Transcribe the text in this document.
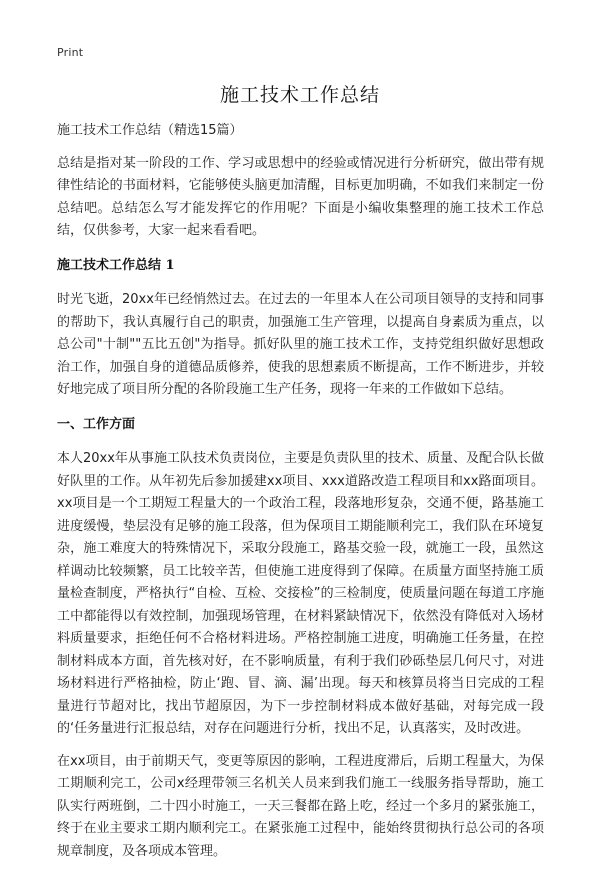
Print
施工技术工作总结

施工技术工作总结（精选15篇）

总结是指对某一阶段的工作、学习或思想中的经验或情况进行分析研究，做出带有规律性结论的书面材料，它能够使头脑更加清醒，目标更加明确，不如我们来制定一份总结吧。总结怎么写才能发挥它的作用呢？下面是小编收集整理的施工技术工作总结，仅供参考，大家一起来看看吧。

施工技术工作总结 1

时光飞逝，20xx年已经悄然过去。在过去的一年里本人在公司项目领导的支持和同事的帮助下，我认真履行自己的职责，加强施工生产管理，以提高自身素质为重点，以总公司"十制""五比五创"为指导。抓好队里的施工技术工作，支持党组织做好思想政治工作，加强自身的道德品质修养，使我的思想素质不断提高，工作不断进步，并较好地完成了项目所分配的各阶段施工生产任务，现将一年来的工作做如下总结。

一、工作方面

本人20xx年从事施工队技术负责岗位，主要是负责队里的技术、质量、及配合队长做好队里的工作。从年初先后参加援建xx项目、xxx道路改造工程项目和xx路面项目。xx项目是一个工期短工程量大的一个政治工程，段落地形复杂，交通不便，路基施工进度缓慢，垫层没有足够的施工段落，但为保项目工期能顺利完工，我们队在环境复杂，施工难度大的特殊情况下，采取分段施工，路基交验一段，就施工一段，虽然这样调动比较频繁，员工比较辛苦，但使施工进度得到了保障。在质量方面坚持施工质量检查制度，严格执行“自检、互检、交接检”的三检制度，使质量问题在每道工序施工中都能得以有效控制，加强现场管理，在材料紧缺情况下，依然没有降低对入场材料质量要求，拒绝任何不合格材料进场。严格控制施工进度，明确施工任务量，在控制材料成本方面，首先核对好，在不影响质量，有利于我们砂砾垫层几何尺寸，对进场材料进行严格抽检，防止‘跑、冒、滴、漏’出现。每天和核算员将当日完成的工程量进行节超对比，找出节超原因，为下一步控制材料成本做好基础，对每完成一段的‘任务量进行汇报总结，对存在问题进行分析，找出不足，认真落实，及时改进。

在xx项目，由于前期天气，变更等原因的影响，工程进度滞后，后期工程量大，为保工期顺利完工，公司x经理带领三名机关人员来到我们施工一线服务指导帮助，施工队实行两班倒，二十四小时施工，一天三餐都在路上吃，经过一个多月的紧张施工，终于在业主要求工期内顺利完工。在紧张施工过程中，能始终贯彻执行总公司的各项规章制度，及各项成本管理。
